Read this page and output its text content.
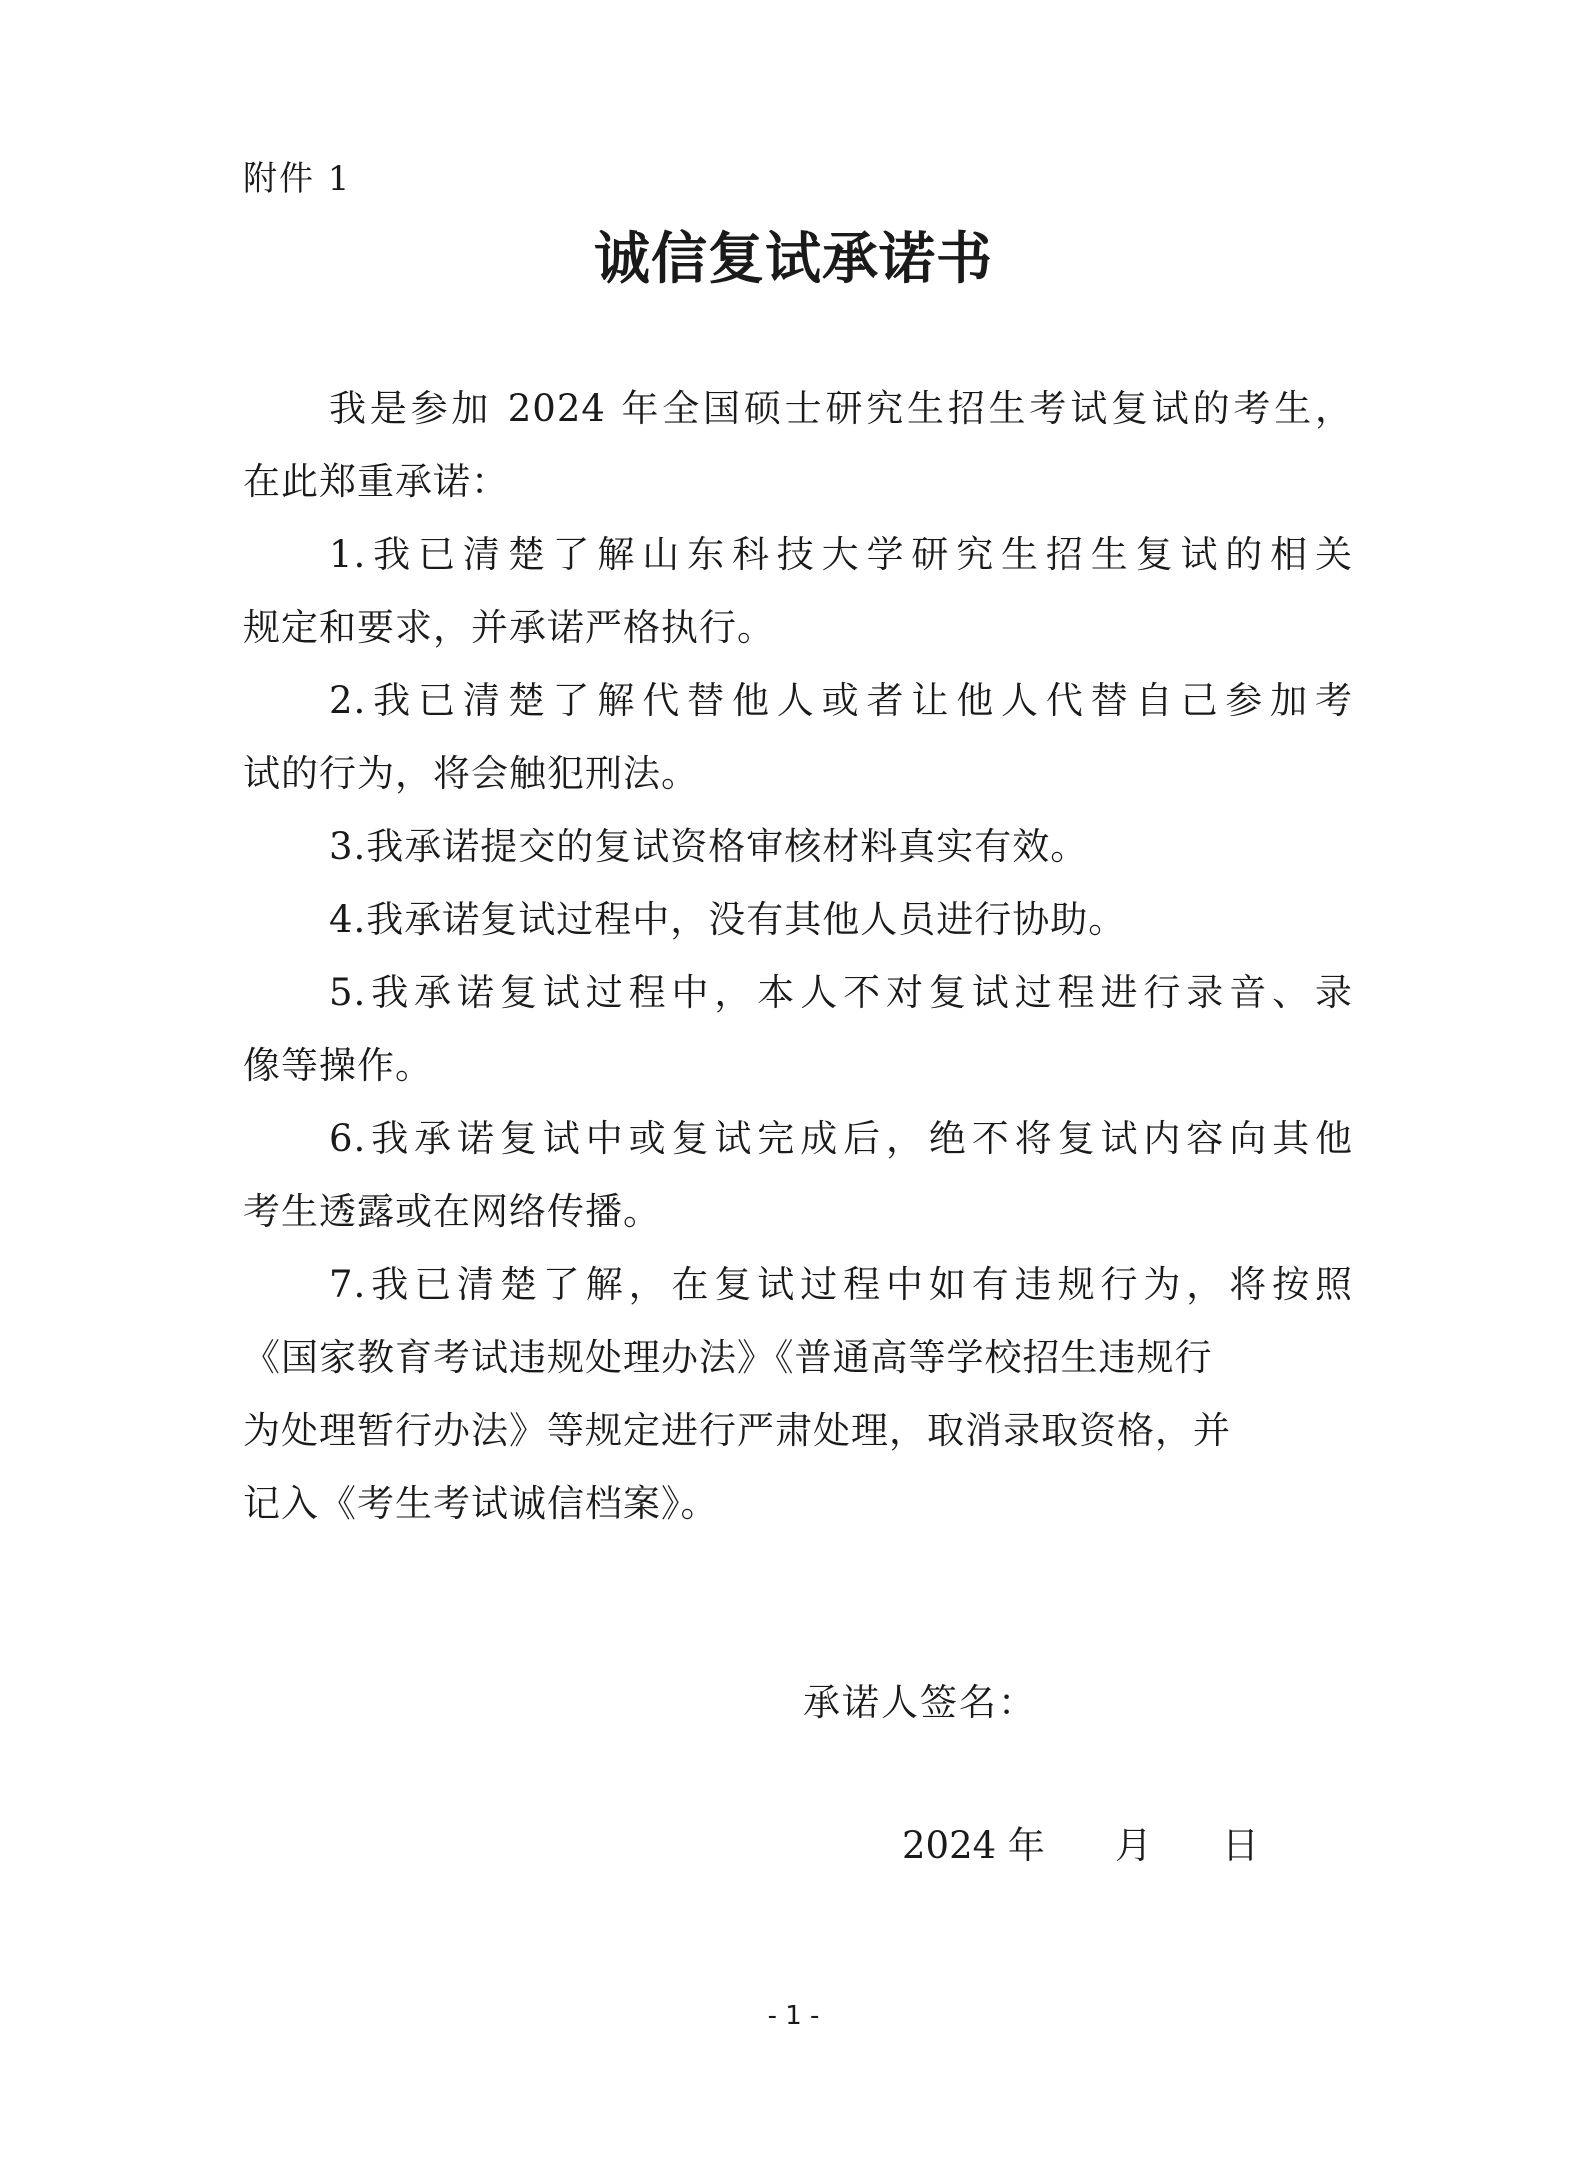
附件 1
诚信复试承诺书

我是参加 2024 年全国硕士研究生招生考试复试的考生，
在此郑重承诺：

1.我已清楚了解山东科技大学研究生招生复试的相关
规定和要求，并承诺严格执行。

2.我已清楚了解代替他人或者让他人代替自己参加考
试的行为，将会触犯刑法。

3.我承诺提交的复试资格审核材料真实有效。

4.我承诺复试过程中，没有其他人员进行协助。

5.我承诺复试过程中，本人不对复试过程进行录音、录
像等操作。

6.我承诺复试中或复试完成后，绝不将复试内容向其他
考生透露或在网络传播。

7.我已清楚了解，在复试过程中如有违规行为，将按照
《国家教育考试违规处理办法》《普通高等学校招生违规行
为处理暂行办法》等规定进行严肃处理，取消录取资格，并
记入《考生考试诚信档案》。

承诺人签名：
2024 年 月 日
- 1 -
